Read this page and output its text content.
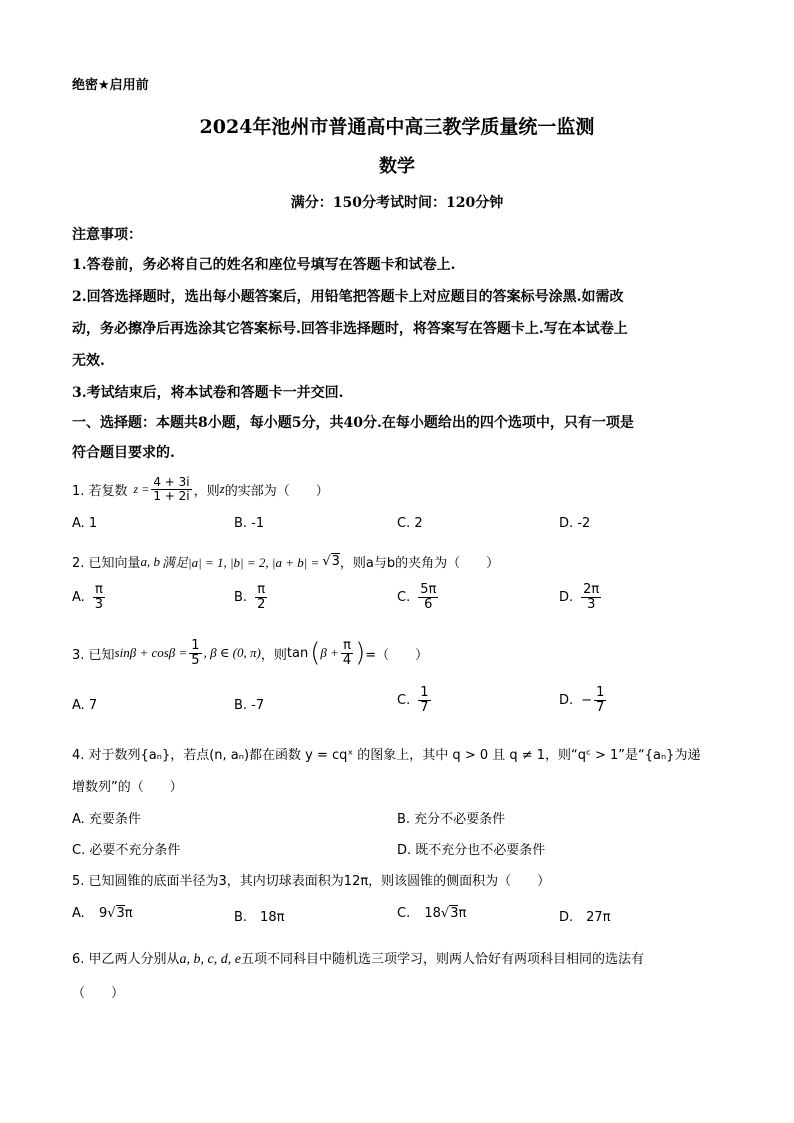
绝密★启用前
2024年池州市普通高中高三教学质量统一监测
数学
满分：150分考试时间：120分钟
注意事项：
1.答卷前，务必将自己的姓名和座位号填写在答题卡和试卷上.
2.回答选择题时，选出每小题答案后，用铅笔把答题卡上对应题目的答案标号涂黑.如需改
动，务必擦净后再选涂其它答案标号.回答非选择题时，将答案写在答题卡上.写在本试卷上
无效.
3.考试结束后，将本试卷和答题卡一并交回.
一、选择题：本题共8小题，每小题5分，共40分.在每小题给出的四个选项中，只有一项是
符合题目要求的.
1. 若复数 $z = \frac{4 + 3i}{1 + 2i}$ ，则 z 的实部为（　　）
A. 1	B. -1	C. 2	D. -2
2. 已知向量 a, b 满足|a| = 1, |b| = 2, |a + b| = √3 ，则a与b的夹角为（　　）
A. $\frac{\pi}{3}$	B. $\frac{\pi}{2}$	C. $\frac{5\pi}{6}$	D. $\frac{2\pi}{3}$
3. 已知 $\sin\beta + \cos\beta = \frac{1}{5}$ , β ∈ (0, π) ，则 tan ( $\beta + \frac{\pi}{4}$ ) =（　　）
A. 7	B. -7	C. $\frac{1}{7}$	D. − $\frac{1}{7}$
4. 对于数列{aₙ}，若点(n, aₙ)都在函数 y = cqˣ 的图象上，其中 q > 0 且 q ≠ 1，则“qᶜ > 1”是“{aₙ}为递
增数列”的（　　）
A. 充要条件	B. 充分不必要条件
C. 必要不充分条件	D. 既不充分也不必要条件
5. 已知圆锥的底面半径为3，其内切球表面积为12π，则该圆锥的侧面积为（　　）
A. 9√3π	B.　18π	C. 18√3π	D.　27π
6. 甲乙两人分别从a, b, c, d, e五项不同科目中随机选三项学习，则两人恰好有两项科目相同的选法有
（　　）
